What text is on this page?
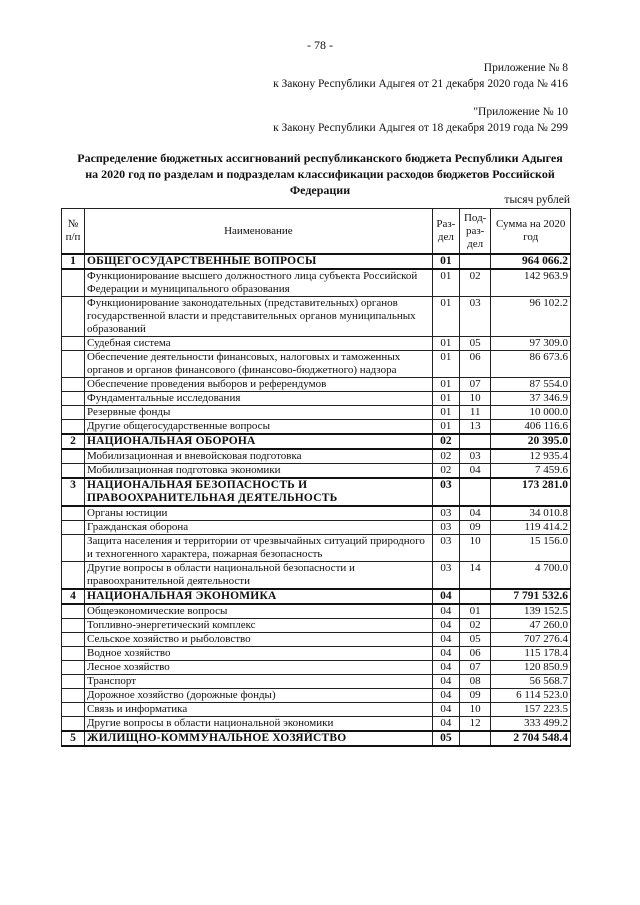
- 78 -
Приложение № 8
к Закону Республики Адыгея от 21 декабря 2020 года № 416
"Приложение № 10
к Закону Республики Адыгея от 18 декабря 2019 года № 299
Распределение бюджетных ассигнований республиканского бюджета Республики Адыгея на 2020 год по разделам и подразделам классификации расходов бюджетов Российской Федерации
тысяч рублей
№ п/п	Наименование	Раз- дел	Под- раз- дел	Сумма на 2020 год
1	ОБЩЕГОСУДАРСТВЕННЫЕ ВОПРОСЫ	01		964 066.2
	Функционирование высшего должностного лица субъекта Российской Федерации и муниципального образования	01	02	142 963.9
	Функционирование законодательных (представительных) органов государственной власти и представительных органов муниципальных образований	01	03	96 102.2
	Судебная система	01	05	97 309.0
	Обеспечение деятельности финансовых, налоговых и таможенных органов и органов финансового (финансово-бюджетного) надзора	01	06	86 673.6
	Обеспечение проведения выборов и референдумов	01	07	87 554.0
	Фундаментальные исследования	01	10	37 346.9
	Резервные фонды	01	11	10 000.0
	Другие общегосударственные вопросы	01	13	406 116.6
2	НАЦИОНАЛЬНАЯ ОБОРОНА	02		20 395.0
	Мобилизационная и вневойсковая подготовка	02	03	12 935.4
	Мобилизационная подготовка экономики	02	04	7 459.6
3	НАЦИОНАЛЬНАЯ БЕЗОПАСНОСТЬ И ПРАВООХРАНИТЕЛЬНАЯ ДЕЯТЕЛЬНОСТЬ	03		173 281.0
	Органы юстиции	03	04	34 010.8
	Гражданская оборона	03	09	119 414.2
	Защита населения и территории от чрезвычайных ситуаций природного и техногенного характера, пожарная безопасность	03	10	15 156.0
	Другие вопросы в области национальной безопасности и правоохранительной деятельности	03	14	4 700.0
4	НАЦИОНАЛЬНАЯ ЭКОНОМИКА	04		7 791 532.6
	Общеэкономические вопросы	04	01	139 152.5
	Топливно-энергетический комплекс	04	02	47 260.0
	Сельское хозяйство и рыболовство	04	05	707 276.4
	Водное хозяйство	04	06	115 178.4
	Лесное хозяйство	04	07	120 850.9
	Транспорт	04	08	56 568.7
	Дорожное хозяйство (дорожные фонды)	04	09	6 114 523.0
	Связь и информатика	04	10	157 223.5
	Другие вопросы в области национальной экономики	04	12	333 499.2
5	ЖИЛИЩНО-КОММУНАЛЬНОЕ ХОЗЯЙСТВО	05		2 704 548.4
